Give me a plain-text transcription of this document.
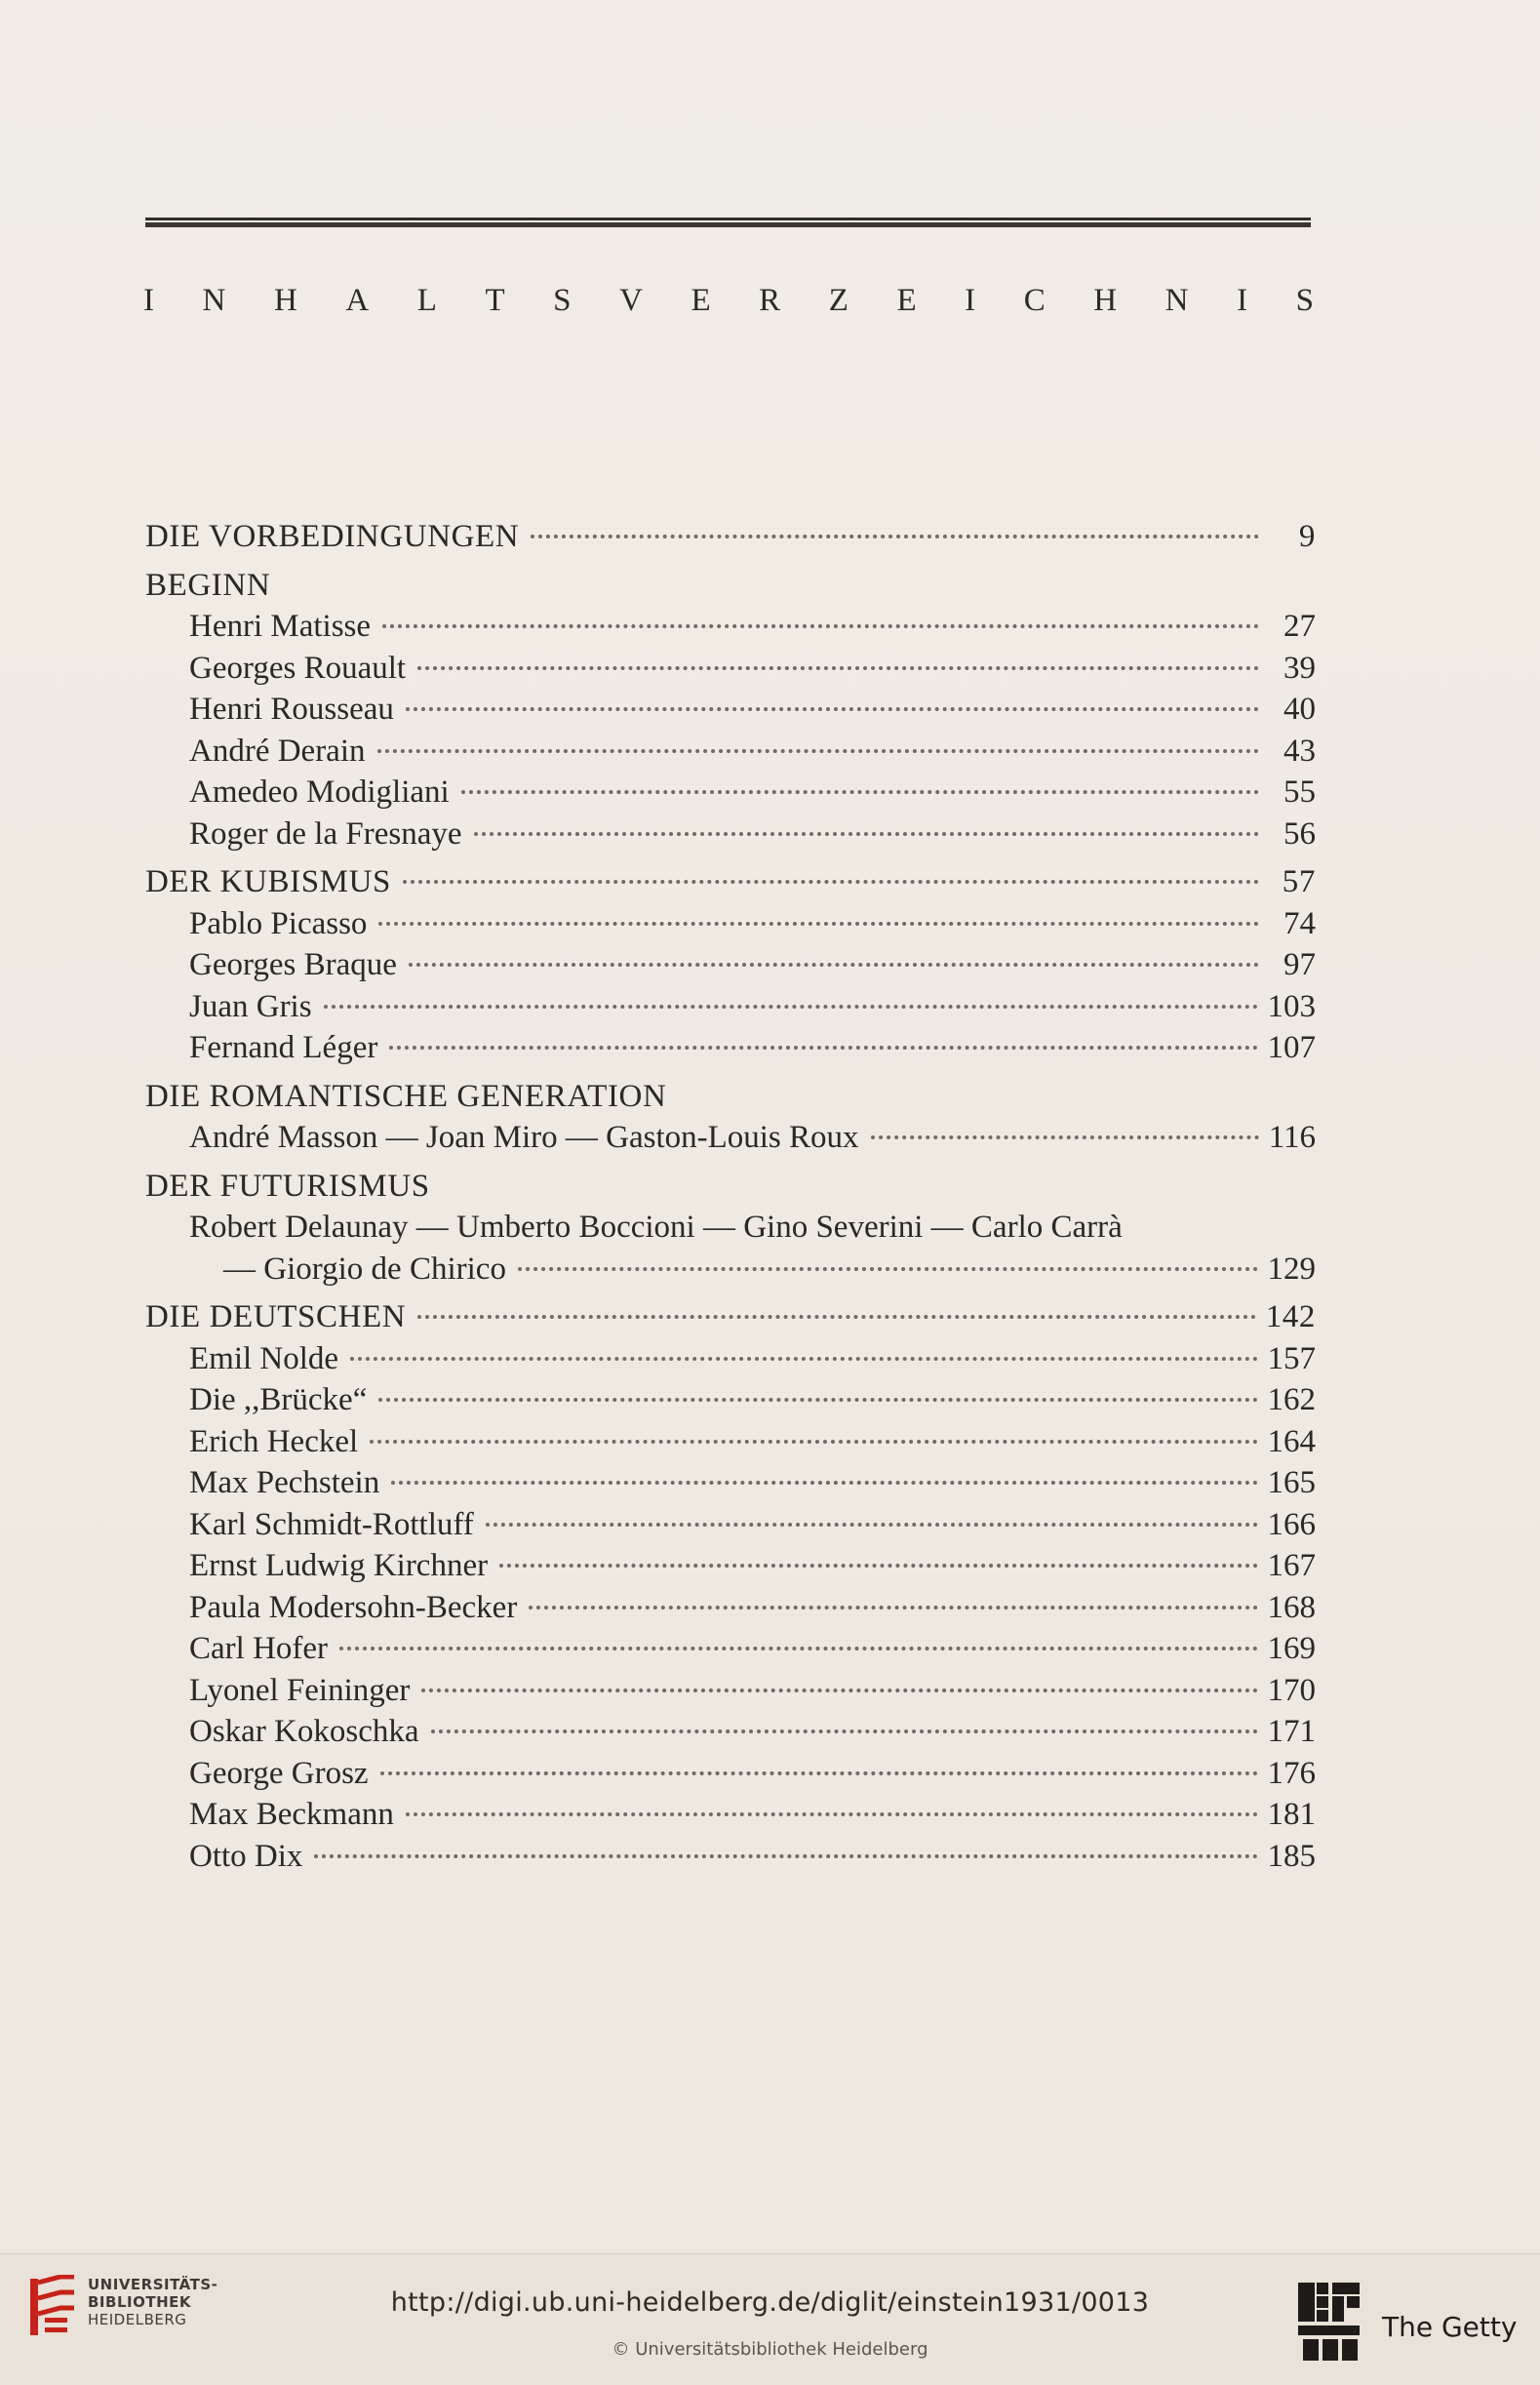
I N H A L T S V E R Z E I C H N I S
DIE VORBEDINGUNGEN	9
BEGINN
Henri Matisse	27
Georges Rouault	39
Henri Rousseau	40
André Derain	43
Amedeo Modigliani	55
Roger de la Fresnaye	56
DER KUBISMUS	57
Pablo Picasso	74
Georges Braque	97
Juan Gris	103
Fernand Léger	107
DIE ROMANTISCHE GENERATION
André Masson — Joan Miro — Gaston-Louis Roux	116
DER FUTURISMUS
Robert Delaunay — Umberto Boccioni — Gino Severini — Carlo Carrà
— Giorgio de Chirico	129
DIE DEUTSCHEN	142
Emil Nolde	157
Die ,,Brücke“	162
Erich Heckel	164
Max Pechstein	165
Karl Schmidt-Rottluff	166
Ernst Ludwig Kirchner	167
Paula Modersohn-Becker	168
Carl Hofer	169
Lyonel Feininger	170
Oskar Kokoschka	171
George Grosz	176
Max Beckmann	181
Otto Dix	185
UNIVERSITÄTS-
BIBLIOTHEK
HEIDELBERG
http://digi.ub.uni-heidelberg.de/diglit/einstein1931/0013
© Universitätsbibliothek Heidelberg
The Getty
